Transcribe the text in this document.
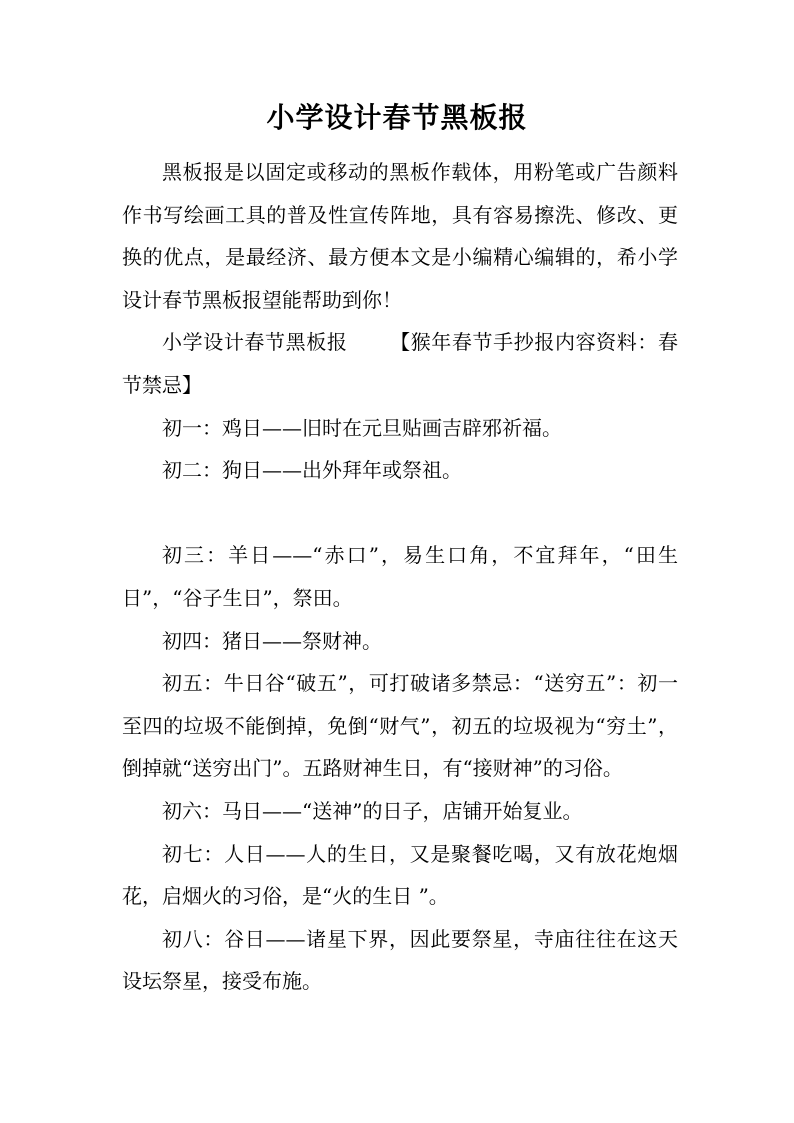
小学设计春节黑板报

黑板报是以固定或移动的黑板作载体，用粉笔或广告颜料作书写绘画工具的普及性宣传阵地，具有容易擦洗、修改、更换的优点，是最经济、最方便本文是小编精心编辑的，希小学设计春节黑板报望能帮助到你！

小学设计春节黑板报 【猴年春节手抄报内容资料：春节禁忌】

初一：鸡日——旧时在元旦贴画吉辟邪祈福。

初二：狗日——出外拜年或祭祖。

初三：羊日——“赤口”，易生口角，不宜拜年，“田生日”，“谷子生日”，祭田。

初四：猪日——祭财神。

初五：牛日谷“破五”，可打破诸多禁忌：“送穷五”：初一至四的垃圾不能倒掉，免倒“财气”，初五的垃圾视为“穷土”，倒掉就“送穷出门”。五路财神生日，有“接财神”的习俗。

初六：马日——“送神”的日子，店铺开始复业。

初七：人日——人的生日，又是聚餐吃喝，又有放花炮烟花，启烟火的习俗，是“火的生日 ”。

初八：谷日——诸星下界，因此要祭星，寺庙往往在这天设坛祭星，接受布施。
